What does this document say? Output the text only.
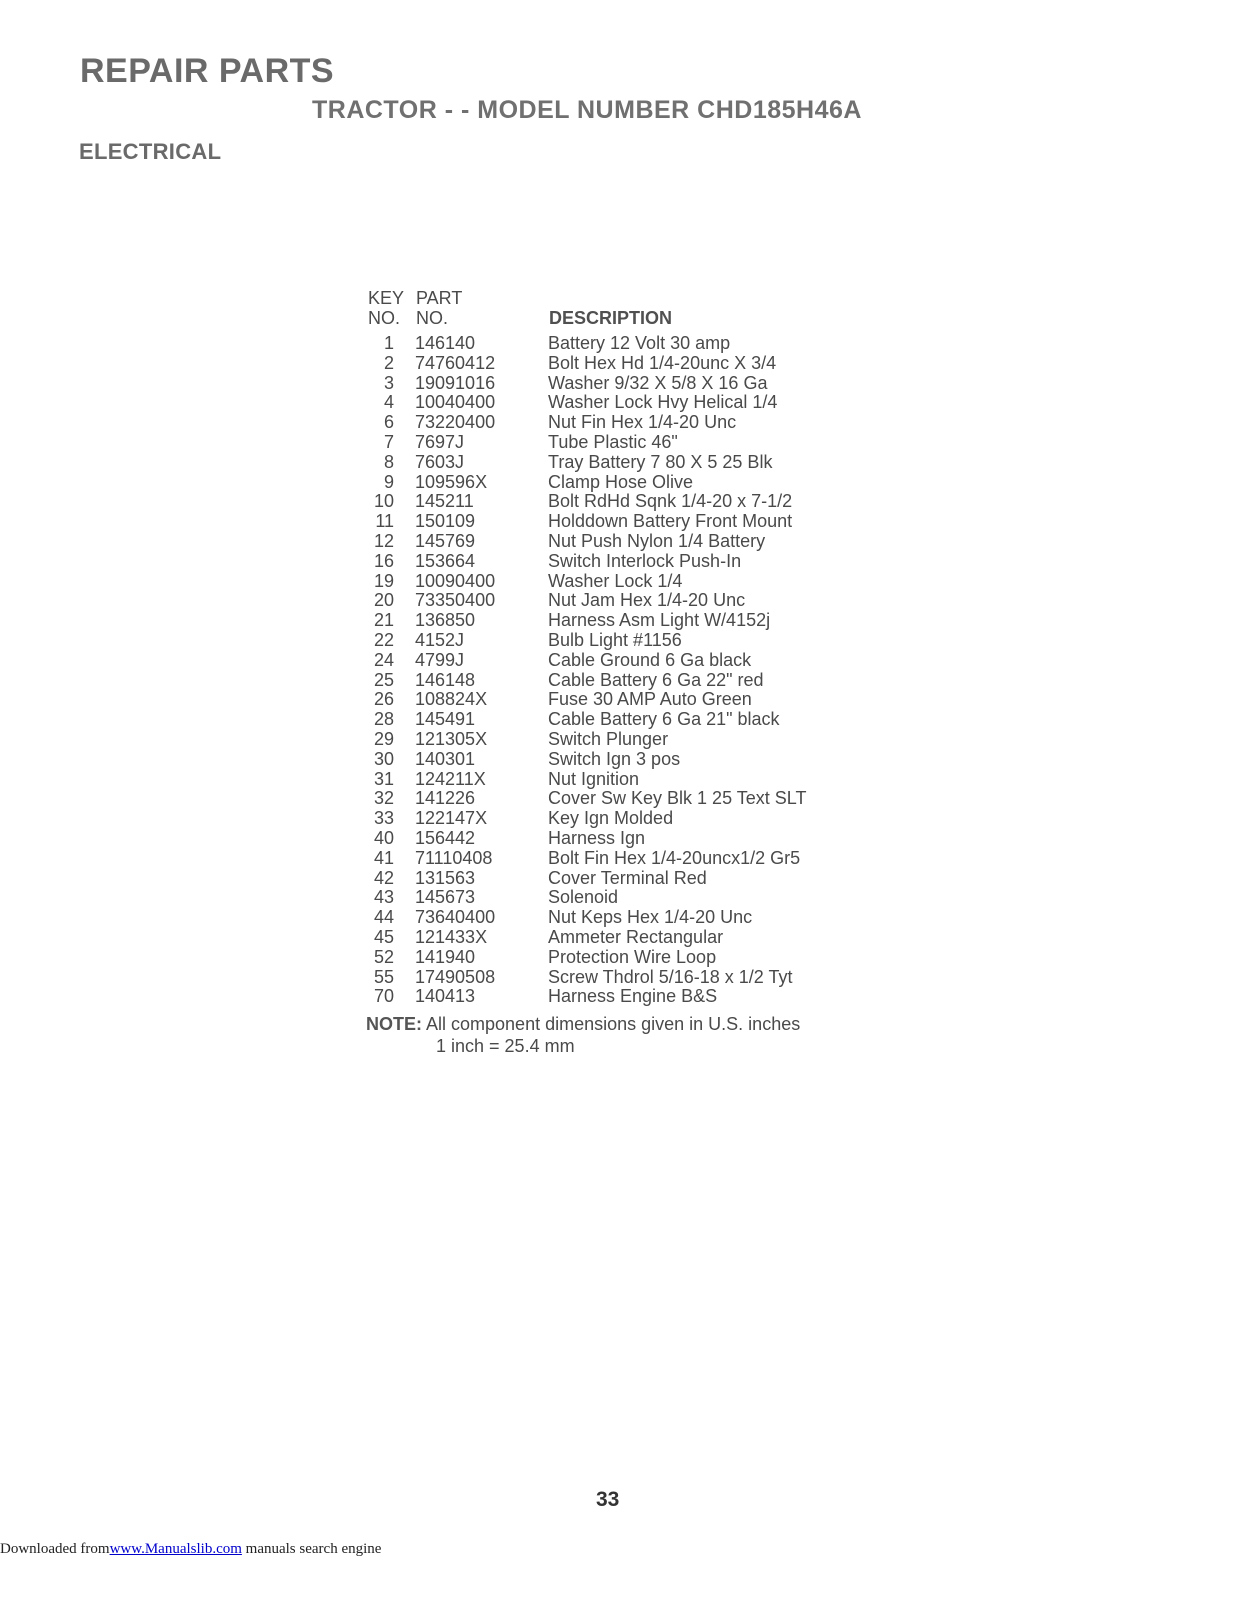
REPAIR PARTS
TRACTOR - - MODEL NUMBER CHD185H46A
ELECTRICAL
KEY
NO.
PART
NO.	DESCRIPTION
1 146140	Battery 12 Volt 30 amp
2 74760412	Bolt Hex Hd 1/4-20unc X 3/4
3 19091016	Washer 9/32 X 5/8 X 16 Ga
4 10040400	Washer Lock Hvy Helical 1/4
6 73220400	Nut Fin Hex 1/4-20 Unc
7 7697J	Tube Plastic 46"
8 7603J	Tray Battery 7 80 X 5 25 Blk
9 109596X	Clamp Hose Olive
10 145211	Bolt RdHd Sqnk 1/4-20 x 7-1/2
11 150109	Holddown Battery Front Mount
12 145769	Nut Push Nylon 1/4 Battery
16 153664	Switch Interlock Push-In
19 10090400	Washer Lock 1/4
20 73350400	Nut Jam Hex 1/4-20 Unc
21 136850	Harness Asm Light W/4152j
22 4152J	Bulb Light #1156
24 4799J	Cable Ground 6 Ga black
25 146148	Cable Battery 6 Ga 22" red
26 108824X	Fuse 30 AMP Auto Green
28 145491	Cable Battery 6 Ga 21" black
29 121305X	Switch Plunger
30 140301	Switch Ign 3 pos
31 124211X	Nut Ignition
32 141226	Cover Sw Key Blk 1 25 Text SLT
33 122147X	Key Ign Molded
40 156442	Harness Ign
41 71110408	Bolt Fin Hex 1/4-20uncx1/2 Gr5
42 131563	Cover Terminal Red
43 145673	Solenoid
44 73640400	Nut Keps Hex 1/4-20 Unc
45 121433X	Ammeter Rectangular
52 141940	Protection Wire Loop
55 17490508	Screw Thdrol 5/16-18 x 1/2 Tyt
70 140413	Harness Engine B&S
NOTE: All component dimensions given in U.S. inches
1 inch = 25.4 mm
33
Downloaded fromwww.Manualslib.com manuals search engine
